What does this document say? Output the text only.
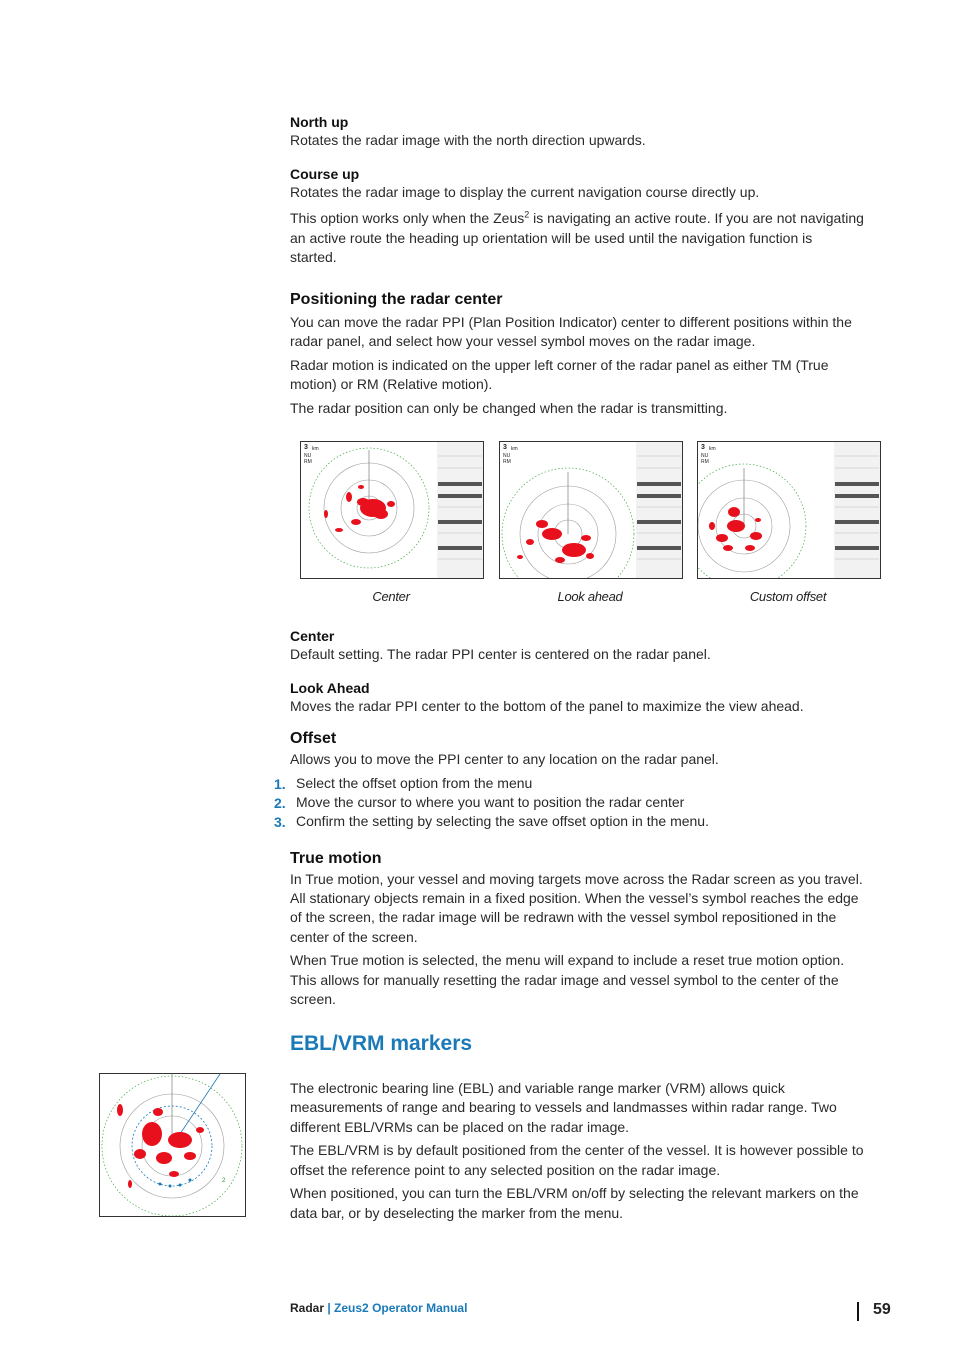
North up
Rotates the radar image with the north direction upwards.
Course up
Rotates the radar image to display the current navigation course directly up.
This option works only when the Zeus$^2$ is navigating an active route. If you are not navigating
an active route the heading up orientation will be used until the navigation function is
started.
Positioning the radar center
You can move the radar PPI (Plan Position Indicator) center to different positions within the
radar panel, and select how your vessel symbol moves on the radar image.
Radar motion is indicated on the upper left corner of the radar panel as either TM (True
motion) or RM (Relative motion).
The radar position can only be changed when the radar is transmitting.
3 km
NU
RM
3 km
NU
RM
3 km
NU
RM
Center	Look ahead	Custom offset
Center
Default setting. The radar PPI center is centered on the radar panel.
Look Ahead
Moves the radar PPI center to the bottom of the panel to maximize the view ahead.
Offset
Allows you to move the PPI center to any location on the radar panel.
1. Select the offset option from the menu
2. Move the cursor to where you want to position the radar center
3. Confirm the setting by selecting the save offset option in the menu.
True motion
In True motion, your vessel and moving targets move across the Radar screen as you travel.
All stationary objects remain in a fixed position. When the vessel’s symbol reaches the edge
of the screen, the radar image will be redrawn with the vessel symbol repositioned in the
center of the screen.
When True motion is selected, the menu will expand to include a reset true motion option.
This allows for manually resetting the radar image and vessel symbol to the center of the
screen.
EBL/VRM markers
2
The electronic bearing line (EBL) and variable range marker (VRM) allows quick
measurements of range and bearing to vessels and landmasses within radar range. Two
different EBL/VRMs can be placed on the radar image.
The EBL/VRM is by default positioned from the center of the vessel. It is however possible to
offset the reference point to any selected position on the radar image.
When positioned, you can turn the EBL/VRM on/off by selecting the relevant markers on the
data bar, or by deselecting the marker from the menu.
Radar | Zeus2 Operator Manual	59
